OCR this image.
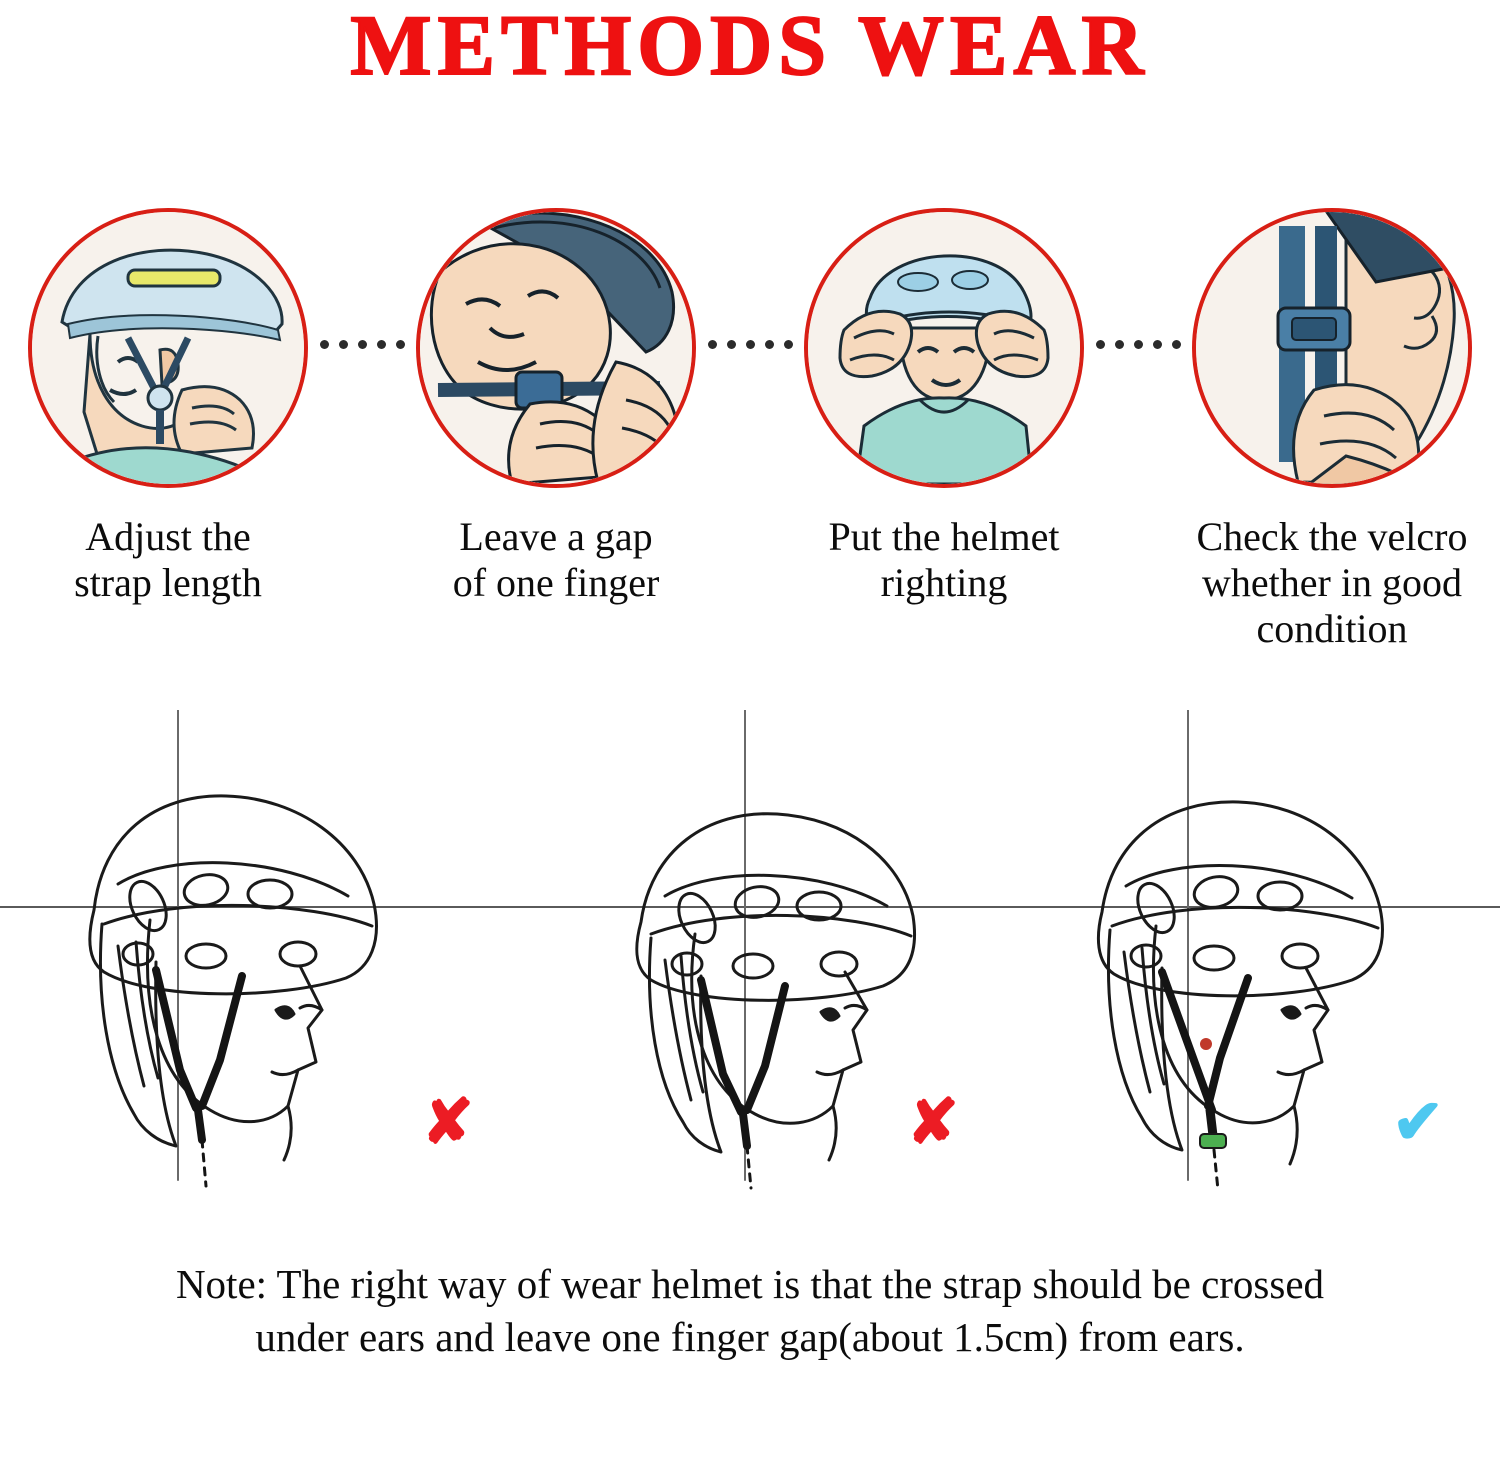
METHODS WEAR
Adjust the
strap length
Leave a gap
of one finger
Put the helmet
righting
Check the velcro
whether in good
condition
✘	✘	✔
Note: The right way of wear helmet is that the strap should be crossed
under ears and leave one finger gap(about 1.5cm) from ears.
